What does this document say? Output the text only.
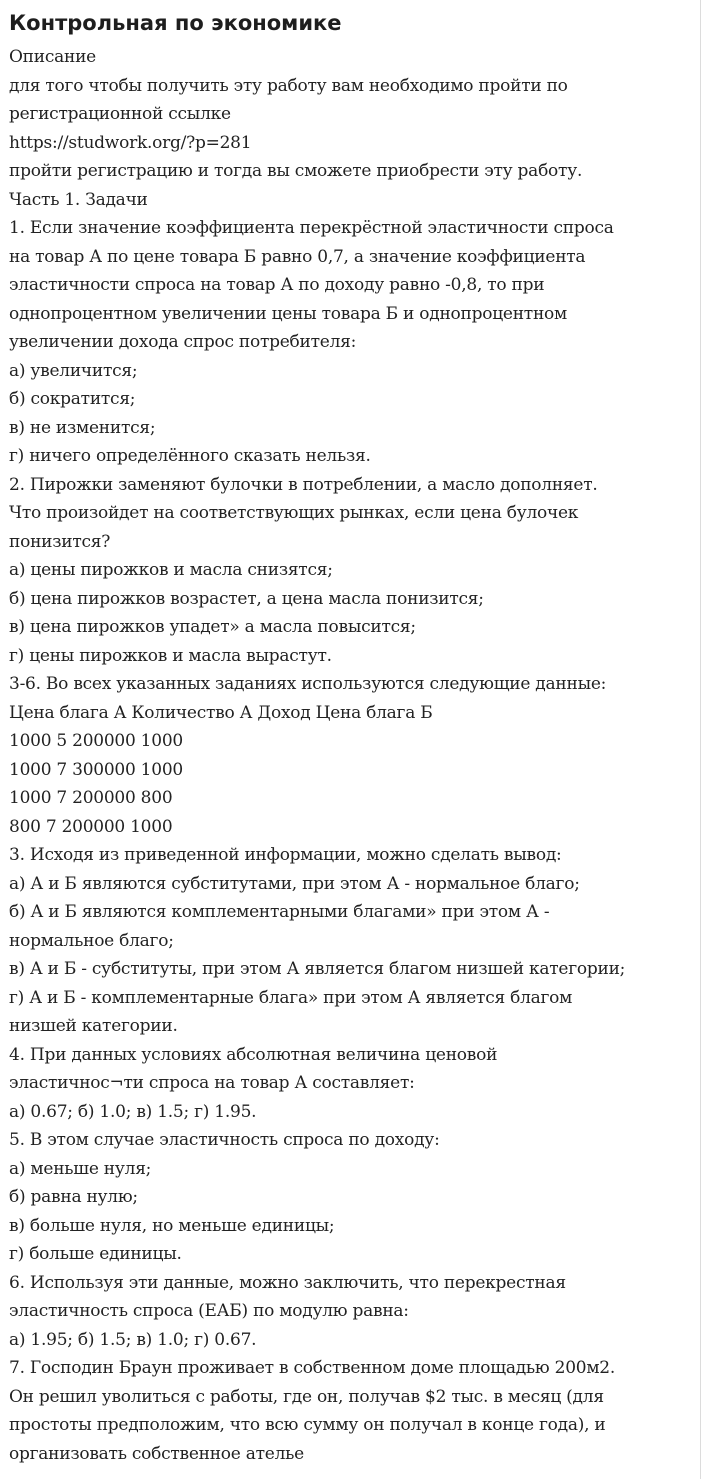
Контрольная по экономике
Описание
для того чтобы получить эту работу вам необходимо пройти по
регистрационной ссылке
https://studwork.org/?p=281
пройти регистрацию и тогда вы сможете приобрести эту работу.
Часть 1. Задачи
1. Если значение коэффициента перекрёстной эластичности спроса
на товар А по цене товара Б равно 0,7, а значение коэффициента
эластичности спроса на товар А по доходу равно -0,8, то при
однопроцентном увеличении цены товара Б и однопроцентном
увеличении дохода спрос потребителя:
а) увеличится;
б) сократится;
в) не изменится;
г) ничего определённого сказать нельзя.
2. Пирожки заменяют булочки в потреблении, а масло дополняет.
Что произойдет на соответствующих рынках, если цена булочек
понизится?
а) цены пирожков и масла снизятся;
б) цена пирожков возрастет, а цена масла понизится;
в) цена пирожков упадет» а масла повысится;
г) цены пирожков и масла вырастут.
3-6. Во всех указанных заданиях используются следующие данные:
Цена блага А Количество А Доход Цена блага Б
1000 5 200000 1000
1000 7 300000 1000
1000 7 200000 800
800 7 200000 1000
3. Исходя из приведенной информации, можно сделать вывод:
а) А и Б являются субститутами, при этом А - нормальное благо;
б) А и Б являются комплементарными благами» при этом А -
нормальное благо;
в) А и Б - субституты, при этом А является благом низшей категории;
г) А и Б - комплементарные блага» при этом А является благом
низшей категории.
4. При данных условиях абсолютная величина ценовой
эластичнос¬ти спроса на товар А составляет:
а) 0.67; б) 1.0; в) 1.5; г) 1.95.
5. В этом случае эластичность спроса по доходу:
а) меньше нуля;
б) равна нулю;
в) больше нуля, но меньше единицы;
г) больше единицы.
6. Используя эти данные, можно заключить, что перекрестная
эластичность спроса (ЕАБ) по модулю равна:
а) 1.95; б) 1.5; в) 1.0; г) 0.67.
7. Господин Браун проживает в собственном доме площадью 200м2.
Он решил уволиться с работы, где он, получав $2 тыс. в месяц (для
простоты предположим, что всю сумму он получал в конце года), и
организовать собственное ателье
